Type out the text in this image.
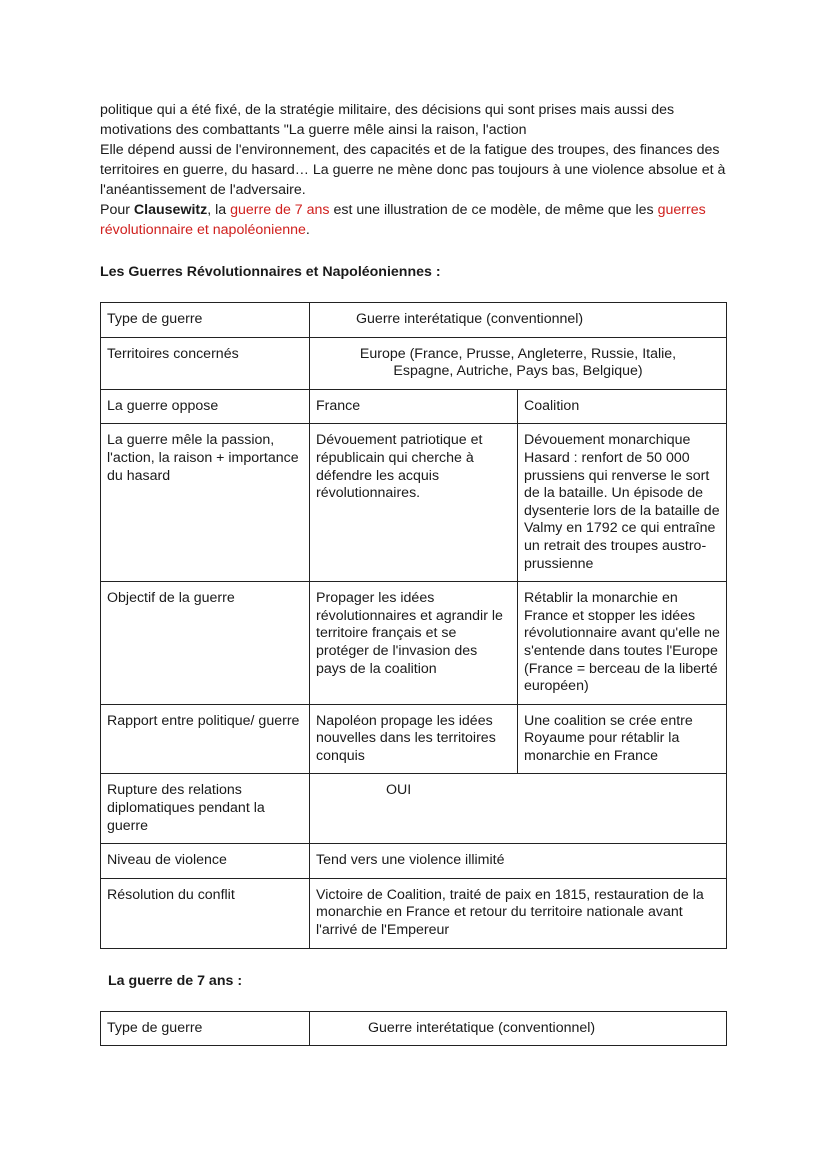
politique qui a été fixé, de la stratégie militaire, des décisions qui sont prises mais aussi des motivations des combattants "La guerre mêle ainsi la raison, l'action

Elle dépend aussi de l'environnement, des capacités et de la fatigue des troupes, des finances des territoires en guerre, du hasard… La guerre ne mène donc pas toujours à une violence absolue et à l'anéantissement de l'adversaire.

Pour Clausewitz, la guerre de 7 ans est une illustration de ce modèle, de même que les guerres révolutionnaire et napoléonienne.

Les Guerres Révolutionnaires et Napoléoniennes :
Type de guerre	Guerre interétatique (conventionnel)	
Territoires concernés	Europe (France, Prusse, Angleterre, Russie, Italie, Espagne, Autriche, Pays bas, Belgique)	
La guerre oppose	France	Coalition
La guerre mêle la passion, l'action, la raison + importance du hasard	Dévouement patriotique et républicain qui cherche à défendre les acquis révolutionnaires.	Dévouement monarchique Hasard : renfort de 50 000 prussiens qui renverse le sort de la bataille. Un épisode de dysenterie lors de la bataille de Valmy en 1792 ce qui entraîne un retrait des troupes austro-prussienne
Objectif de la guerre	Propager les idées révolutionnaires et agrandir le territoire français et se protéger de l'invasion des pays de la coalition	Rétablir la monarchie en France et stopper les idées révolutionnaire avant qu'elle ne s'entende dans toutes l'Europe (France = berceau de la liberté européen)
Rapport entre politique/ guerre	Napoléon propage les idées nouvelles dans les territoires conquis	Une coalition se crée entre Royaume pour rétablir la monarchie en France
Rupture des relations diplomatiques pendant la guerre	OUI	
Niveau de violence	Tend vers une violence illimité	
Résolution du conflit	Victoire de Coalition, traité de paix en 1815, restauration de la monarchie en France et retour du territoire nationale avant l'arrivé de l'Empereur	
La guerre de 7 ans :
Type de guerre	Guerre interétatique (conventionnel)
